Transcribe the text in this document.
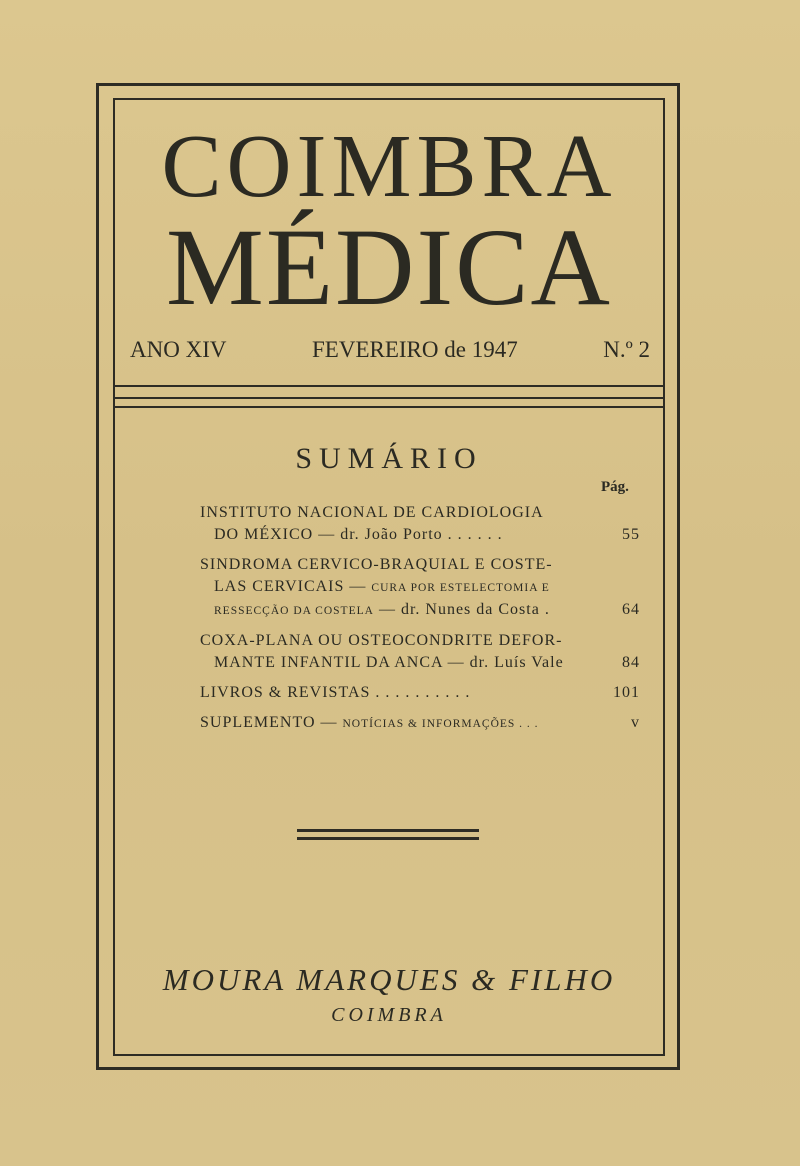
COIMBRA
MÉDICA
ANO XIV	FEVEREIRO de 1947	N.º 2
SUMÁRIO
Pág.
INSTITUTO NACIONAL DE CARDIOLOGIA
DO MÉXICO — dr. João Porto . . . . . .	55
SINDROMA CERVICO-BRAQUIAL E COSTE-
LAS CERVICAIS — CURA POR ESTELECTOMIA E
RESSECÇÃO DA COSTELA — dr. Nunes da Costa .	64
COXA-PLANA OU OSTEOCONDRITE DEFOR-
MANTE INFANTIL DA ANCA — dr. Luís Vale	84
LIVROS & REVISTAS . . . . . . . . . .	101
SUPLEMENTO — NOTÍCIAS & INFORMAÇÕES . . .	v
MOURA MARQUES & FILHO
COIMBRA
